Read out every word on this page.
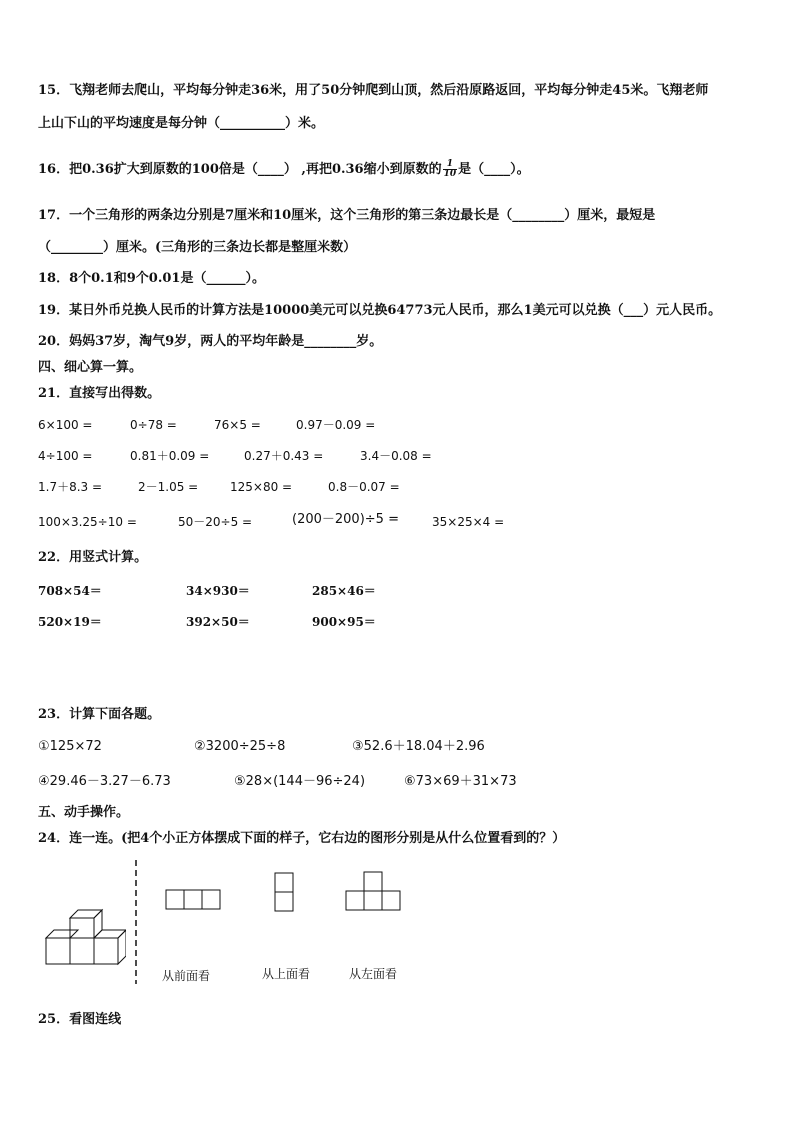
15．飞翔老师去爬山，平均每分钟走36米，用了50分钟爬到山顶，然后沿原路返回，平均每分钟走45米。飞翔老师
上山下山的平均速度是每分钟（__________）米。
16．把0.36扩大到原数的100倍是（____） ,再把0.36缩小到原数的 $\frac{1}{10}$ 是（____）。
17．一个三角形的两条边分别是7厘米和10厘米，这个三角形的第三条边最长是（________）厘米，最短是
（________）厘米。(三角形的三条边长都是整厘米数）
18．8个0.1和9个0.01是（______）。
19．某日外币兑换人民币的计算方法是10000美元可以兑换64773元人民币，那么1美元可以兑换（___）元人民币。
20．妈妈37岁，淘气9岁，两人的平均年龄是________岁。
四、细心算一算。
21．直接写出得数。
6×100 =	0÷78 =	76×5 =	0.97－0.09 =
4÷100 =	0.81＋0.09 =	0.27＋0.43 =	3.4－0.08 =
1.7＋8.3 =	2－1.05 =	125×80 =	0.8－0.07 =
100×3.25÷10 =	50－20÷5 =	(200－200)÷5 =	35×25×4 =
22．用竖式计算。
708×54＝	34×930＝	285×46＝
520×19＝	392×50＝	900×95＝
23．计算下面各题。
①125×72	②3200÷25÷8	③52.6＋18.04＋2.96
④29.46－3.27－6.73	⑤28×(144－96÷24)	⑥73×69＋31×73
五、动手操作。
24．连一连。(把4个小正方体摆成下面的样子，它右边的图形分别是从什么位置看到的？）
从前面看	从上面看	从左面看
25．看图连线
